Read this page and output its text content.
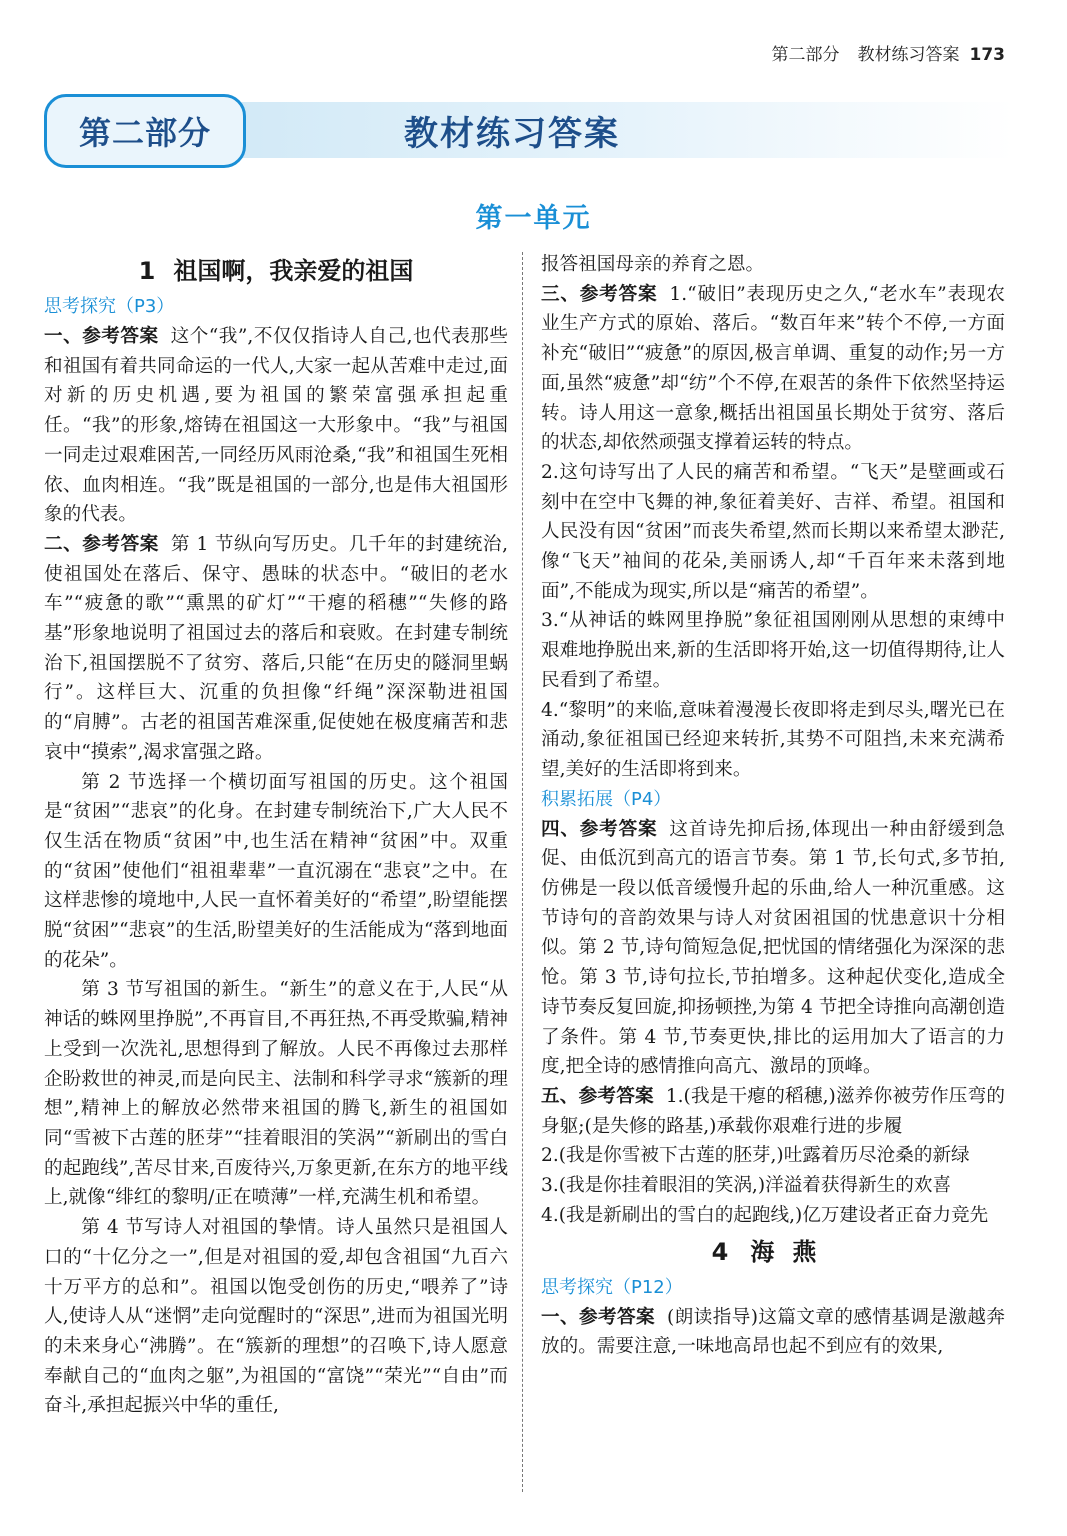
第二部分 教材练习答案 173
第二部分	教材练习答案
第一单元

1 祖国啊，我亲爱的祖国

思考探究（P3）

一、参考答案 这个“我”,不仅仅指诗人自己,也代表那些和祖国有着共同命运的一代人,大家一起从苦难中走过,面对新的历史机遇,要为祖国的繁荣富强承担起重任。“我”的形象,熔铸在祖国这一大形象中。“我”与祖国一同走过艰难困苦,一同经历风雨沧桑,“我”和祖国生死相依、血肉相连。“我”既是祖国的一部分,也是伟大祖国形象的代表。

二、参考答案 第 1 节纵向写历史。几千年的封建统治,使祖国处在落后、保守、愚昧的状态中。“破旧的老水车”“疲惫的歌”“熏黑的矿灯”“干瘪的稻穗”“失修的路基”形象地说明了祖国过去的落后和衰败。在封建专制统治下,祖国摆脱不了贫穷、落后,只能“在历史的隧洞里蜗行”。这样巨大、沉重的负担像“纤绳”深深勒进祖国的“肩膊”。古老的祖国苦难深重,促使她在极度痛苦和悲哀中“摸索”,渴求富强之路。

第 2 节选择一个横切面写祖国的历史。这个祖国是“贫困”“悲哀”的化身。在封建专制统治下,广大人民不仅生活在物质“贫困”中,也生活在精神“贫困”中。双重的“贫困”使他们“祖祖辈辈”一直沉溺在“悲哀”之中。在这样悲惨的境地中,人民一直怀着美好的“希望”,盼望能摆脱“贫困”“悲哀”的生活,盼望美好的生活能成为“落到地面的花朵”。

第 3 节写祖国的新生。“新生”的意义在于,人民“从神话的蛛网里挣脱”,不再盲目,不再狂热,不再受欺骗,精神上受到一次洗礼,思想得到了解放。人民不再像过去那样企盼救世的神灵,而是向民主、法制和科学寻求“簇新的理想”,精神上的解放必然带来祖国的腾飞,新生的祖国如同“雪被下古莲的胚芽”“挂着眼泪的笑涡”“新刷出的雪白的起跑线”,苦尽甘来,百废待兴,万象更新,在东方的地平线上,就像“绯红的黎明/正在喷薄”一样,充满生机和希望。

第 4 节写诗人对祖国的挚情。诗人虽然只是祖国人口的“十亿分之一”,但是对祖国的爱,却包含祖国“九百六十万平方的总和”。祖国以饱受创伤的历史,“喂养了”诗人,使诗人从“迷惘”走向觉醒时的“深思”,进而为祖国光明的未来身心“沸腾”。在“簇新的理想”的召唤下,诗人愿意奉献自己的“血肉之躯”,为祖国的“富饶”“荣光”“自由”而奋斗,承担起振兴中华的重任,

报答祖国母亲的养育之恩。

三、参考答案 1.“破旧”表现历史之久,“老水车”表现农业生产方式的原始、落后。“数百年来”转个不停,一方面补充“破旧”“疲惫”的原因,极言单调、重复的动作;另一方面,虽然“疲惫”却“纺”个不停,在艰苦的条件下依然坚持运转。诗人用这一意象,概括出祖国虽长期处于贫穷、落后的状态,却依然顽强支撑着运转的特点。

2.这句诗写出了人民的痛苦和希望。“飞天”是壁画或石刻中在空中飞舞的神,象征着美好、吉祥、希望。祖国和人民没有因“贫困”而丧失希望,然而长期以来希望太渺茫,像“飞天”袖间的花朵,美丽诱人,却“千百年来未落到地面”,不能成为现实,所以是“痛苦的希望”。

3.“从神话的蛛网里挣脱”象征祖国刚刚从思想的束缚中艰难地挣脱出来,新的生活即将开始,这一切值得期待,让人民看到了希望。

4.“黎明”的来临,意味着漫漫长夜即将走到尽头,曙光已在涌动,象征祖国已经迎来转折,其势不可阻挡,未来充满希望,美好的生活即将到来。

积累拓展（P4）

四、参考答案 这首诗先抑后扬,体现出一种由舒缓到急促、由低沉到高亢的语言节奏。第 1 节,长句式,多节拍,仿佛是一段以低音缓慢升起的乐曲,给人一种沉重感。这节诗句的音韵效果与诗人对贫困祖国的忧患意识十分相似。第 2 节,诗句简短急促,把忧国的情绪强化为深深的悲怆。第 3 节,诗句拉长,节拍增多。这种起伏变化,造成全诗节奏反复回旋,抑扬顿挫,为第 4 节把全诗推向高潮创造了条件。第 4 节,节奏更快,排比的运用加大了语言的力度,把全诗的感情推向高亢、激昂的顶峰。

五、参考答案 1.(我是干瘪的稻穗,)滋养你被劳作压弯的身躯;(是失修的路基,)承载你艰难行进的步履

2.(我是你雪被下古莲的胚芽,)吐露着历尽沧桑的新绿

3.(我是你挂着眼泪的笑涡,)洋溢着获得新生的欢喜

4.(我是新刷出的雪白的起跑线,)亿万建设者正奋力竞先

4 海燕

思考探究（P12）

一、参考答案 (朗读指导)这篇文章的感情基调是激越奔放的。需要注意,一味地高昂也起不到应有的效果,
